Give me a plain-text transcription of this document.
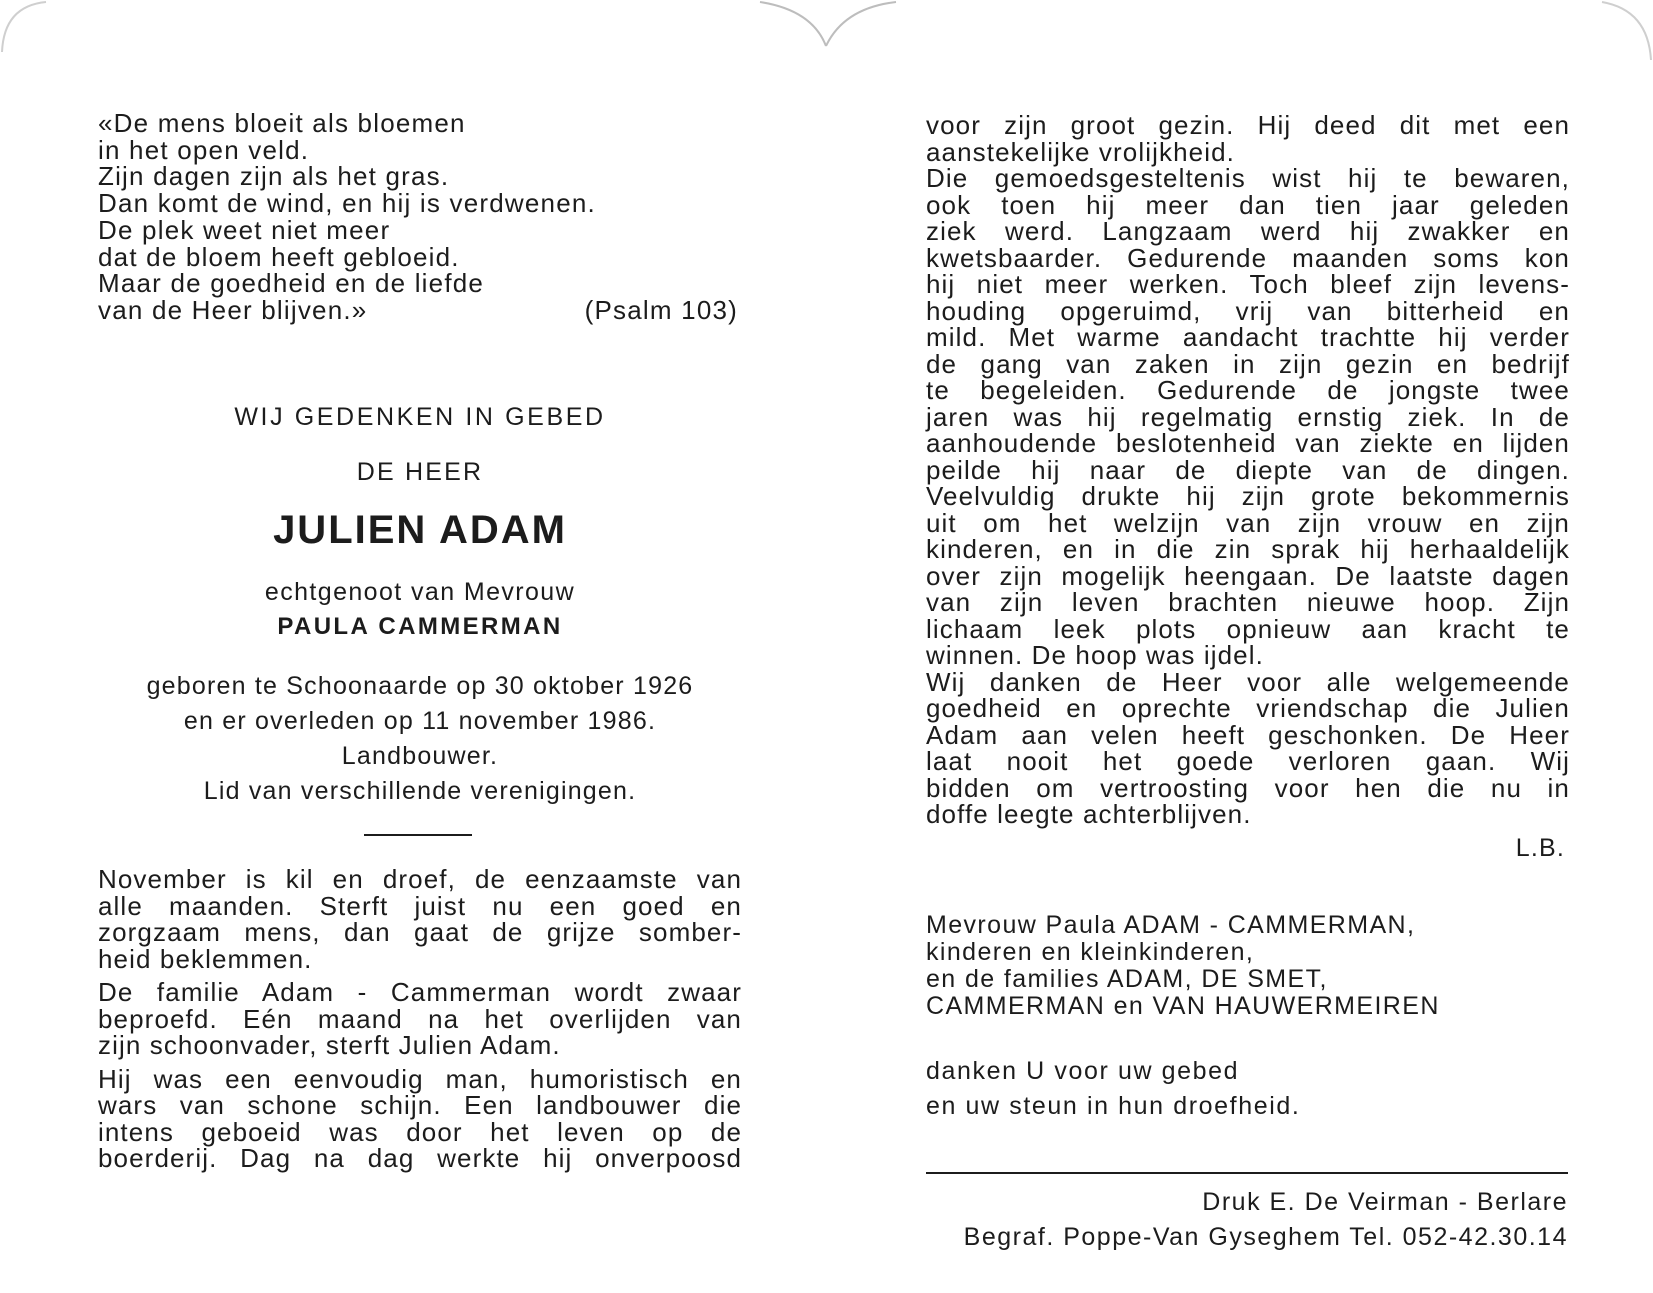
«De mens bloeit als bloemen
in het open veld.
Zijn dagen zijn als het gras.
Dan komt de wind, en hij is verdwenen.
De plek weet niet meer
dat de bloem heeft gebloeid.
Maar de goedheid en de liefde
van de Heer blijven.»	(Psalm 103)
WIJ GEDENKEN IN GEBED
DE HEER
JULIEN ADAM
echtgenoot van Mevrouw
PAULA CAMMERMAN
geboren te Schoonaarde op 30 oktober 1926
en er overleden op 11 november 1986.
Landbouwer.
Lid van verschillende verenigingen.

November is kil en droef, de eenzaamste van
alle maanden. Sterft juist nu een goed en
zorgzaam mens, dan gaat de grijze somber-
heid beklemmen.

De familie Adam - Cammerman wordt zwaar
beproefd. Eén maand na het overlijden van
zijn schoonvader, sterft Julien Adam.

Hij was een eenvoudig man, humoristisch en
wars van schone schijn. Een landbouwer die
intens geboeid was door het leven op de
boerderij. Dag na dag werkte hij onverpoosd

voor zijn groot gezin. Hij deed dit met een
aanstekelijke vrolijkheid.

Die gemoedsgesteltenis wist hij te bewaren,
ook toen hij meer dan tien jaar geleden
ziek werd. Langzaam werd hij zwakker en
kwetsbaarder. Gedurende maanden soms kon
hij niet meer werken. Toch bleef zijn levens-
houding opgeruimd, vrij van bitterheid en
mild. Met warme aandacht trachtte hij verder
de gang van zaken in zijn gezin en bedrijf
te begeleiden. Gedurende de jongste twee
jaren was hij regelmatig ernstig ziek. In de
aanhoudende beslotenheid van ziekte en lijden
peilde hij naar de diepte van de dingen.
Veelvuldig drukte hij zijn grote bekommernis
uit om het welzijn van zijn vrouw en zijn
kinderen, en in die zin sprak hij herhaaldelijk
over zijn mogelijk heengaan. De laatste dagen
van zijn leven brachten nieuwe hoop. Zijn
lichaam leek plots opnieuw aan kracht te
winnen. De hoop was ijdel.

Wij danken de Heer voor alle welgemeende
goedheid en oprechte vriendschap die Julien
Adam aan velen heeft geschonken. De Heer
laat nooit het goede verloren gaan. Wij
bidden om vertroosting voor hen die nu in
doffe leegte achterblijven.

L.B.
Mevrouw Paula ADAM - CAMMERMAN,
kinderen en kleinkinderen,
en de families ADAM, DE SMET,
CAMMERMAN en VAN HAUWERMEIREN
danken U voor uw gebed
en uw steun in hun droefheid.
Druk E. De Veirman - Berlare
Begraf. Poppe-Van Gyseghem Tel. 052-42.30.14
